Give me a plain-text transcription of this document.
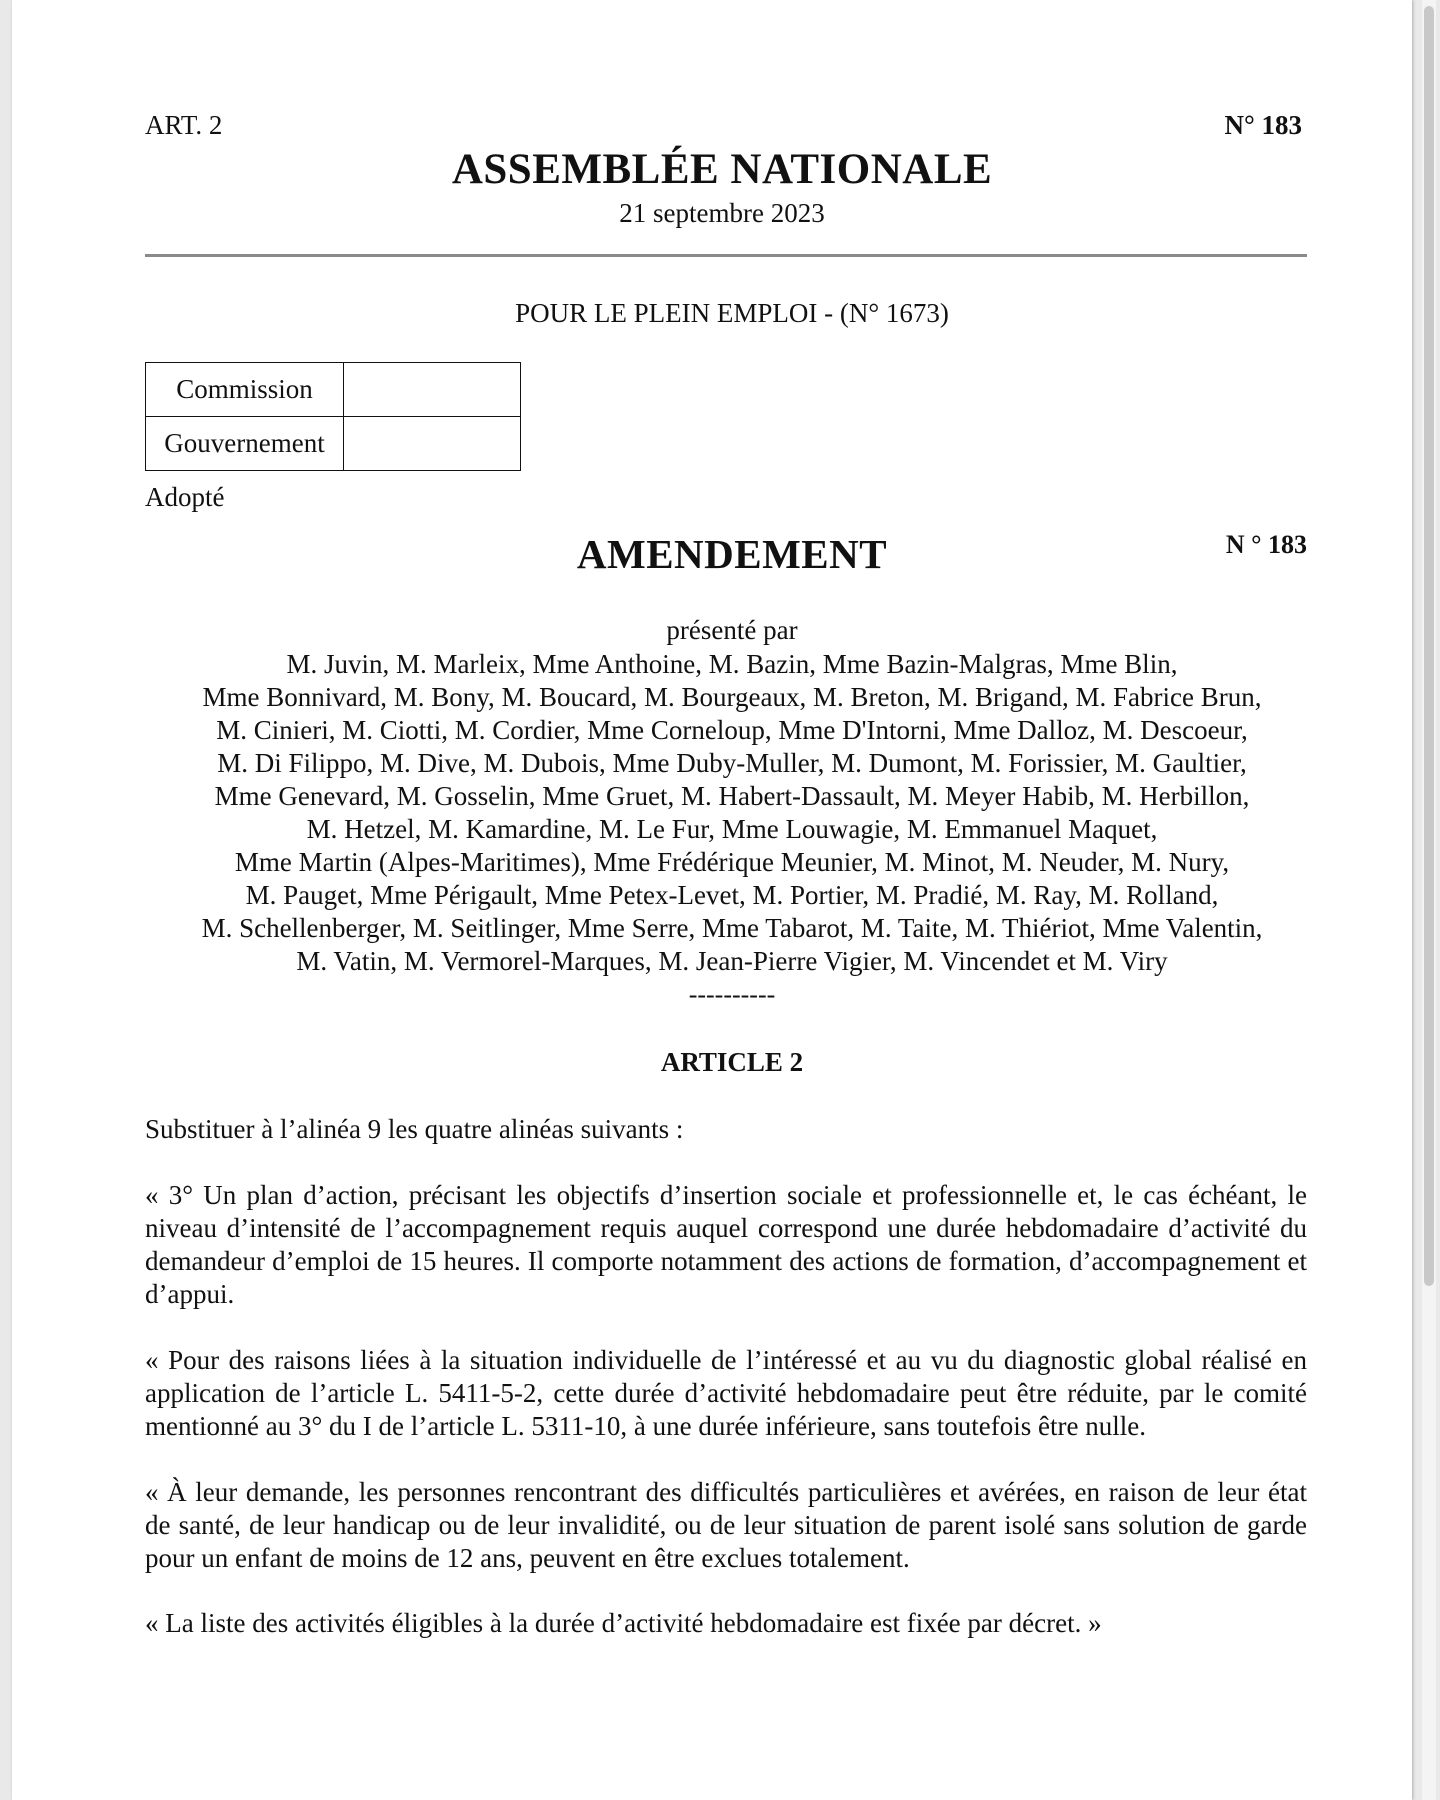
ART. 2	N° 183
ASSEMBLÉE NATIONALE
21 septembre 2023
POUR LE PLEIN EMPLOI - (N° 1673)
Commission	
Gouvernement	
Adopté
AMENDEMENT	N ° 183
présenté par
M. Juvin, M. Marleix, Mme Anthoine, M. Bazin, Mme Bazin-Malgras, Mme Blin,
Mme Bonnivard, M. Bony, M. Boucard, M. Bourgeaux, M. Breton, M. Brigand, M. Fabrice Brun,
M. Cinieri, M. Ciotti, M. Cordier, Mme Corneloup, Mme D'Intorni, Mme Dalloz, M. Descoeur,
M. Di Filippo, M. Dive, M. Dubois, Mme Duby-Muller, M. Dumont, M. Forissier, M. Gaultier,
Mme Genevard, M. Gosselin, Mme Gruet, M. Habert-Dassault, M. Meyer Habib, M. Herbillon,
M. Hetzel, M. Kamardine, M. Le Fur, Mme Louwagie, M. Emmanuel Maquet,
Mme Martin (Alpes-Maritimes), Mme Frédérique Meunier, M. Minot, M. Neuder, M. Nury,
M. Pauget, Mme Périgault, Mme Petex-Levet, M. Portier, M. Pradié, M. Ray, M. Rolland,
M. Schellenberger, M. Seitlinger, Mme Serre, Mme Tabarot, M. Taite, M. Thiériot, Mme Valentin,
M. Vatin, M. Vermorel-Marques, M. Jean-Pierre Vigier, M. Vincendet et M. Viry
----------
ARTICLE 2
Substituer à l’alinéa 9 les quatre alinéas suivants :
« 3° Un plan d’action, précisant les objectifs d’insertion sociale et professionnelle et, le cas échéant, le niveau d’intensité de l’accompagnement requis auquel correspond une durée hebdomadaire d’activité du demandeur d’emploi de 15 heures. Il comporte notamment des actions de formation, d’accompagnement et d’appui.
« Pour des raisons liées à la situation individuelle de l’intéressé et au vu du diagnostic global réalisé en application de l’article L. 5411-5-2, cette durée d’activité hebdomadaire peut être réduite, par le comité mentionné au 3° du I de l’article L. 5311-10, à une durée inférieure, sans toutefois être nulle.
« À leur demande, les personnes rencontrant des difficultés particulières et avérées, en raison de leur état de santé, de leur handicap ou de leur invalidité, ou de leur situation de parent isolé sans solution de garde pour un enfant de moins de 12 ans, peuvent en être exclues totalement.
« La liste des activités éligibles à la durée d’activité hebdomadaire est fixée par décret. »
